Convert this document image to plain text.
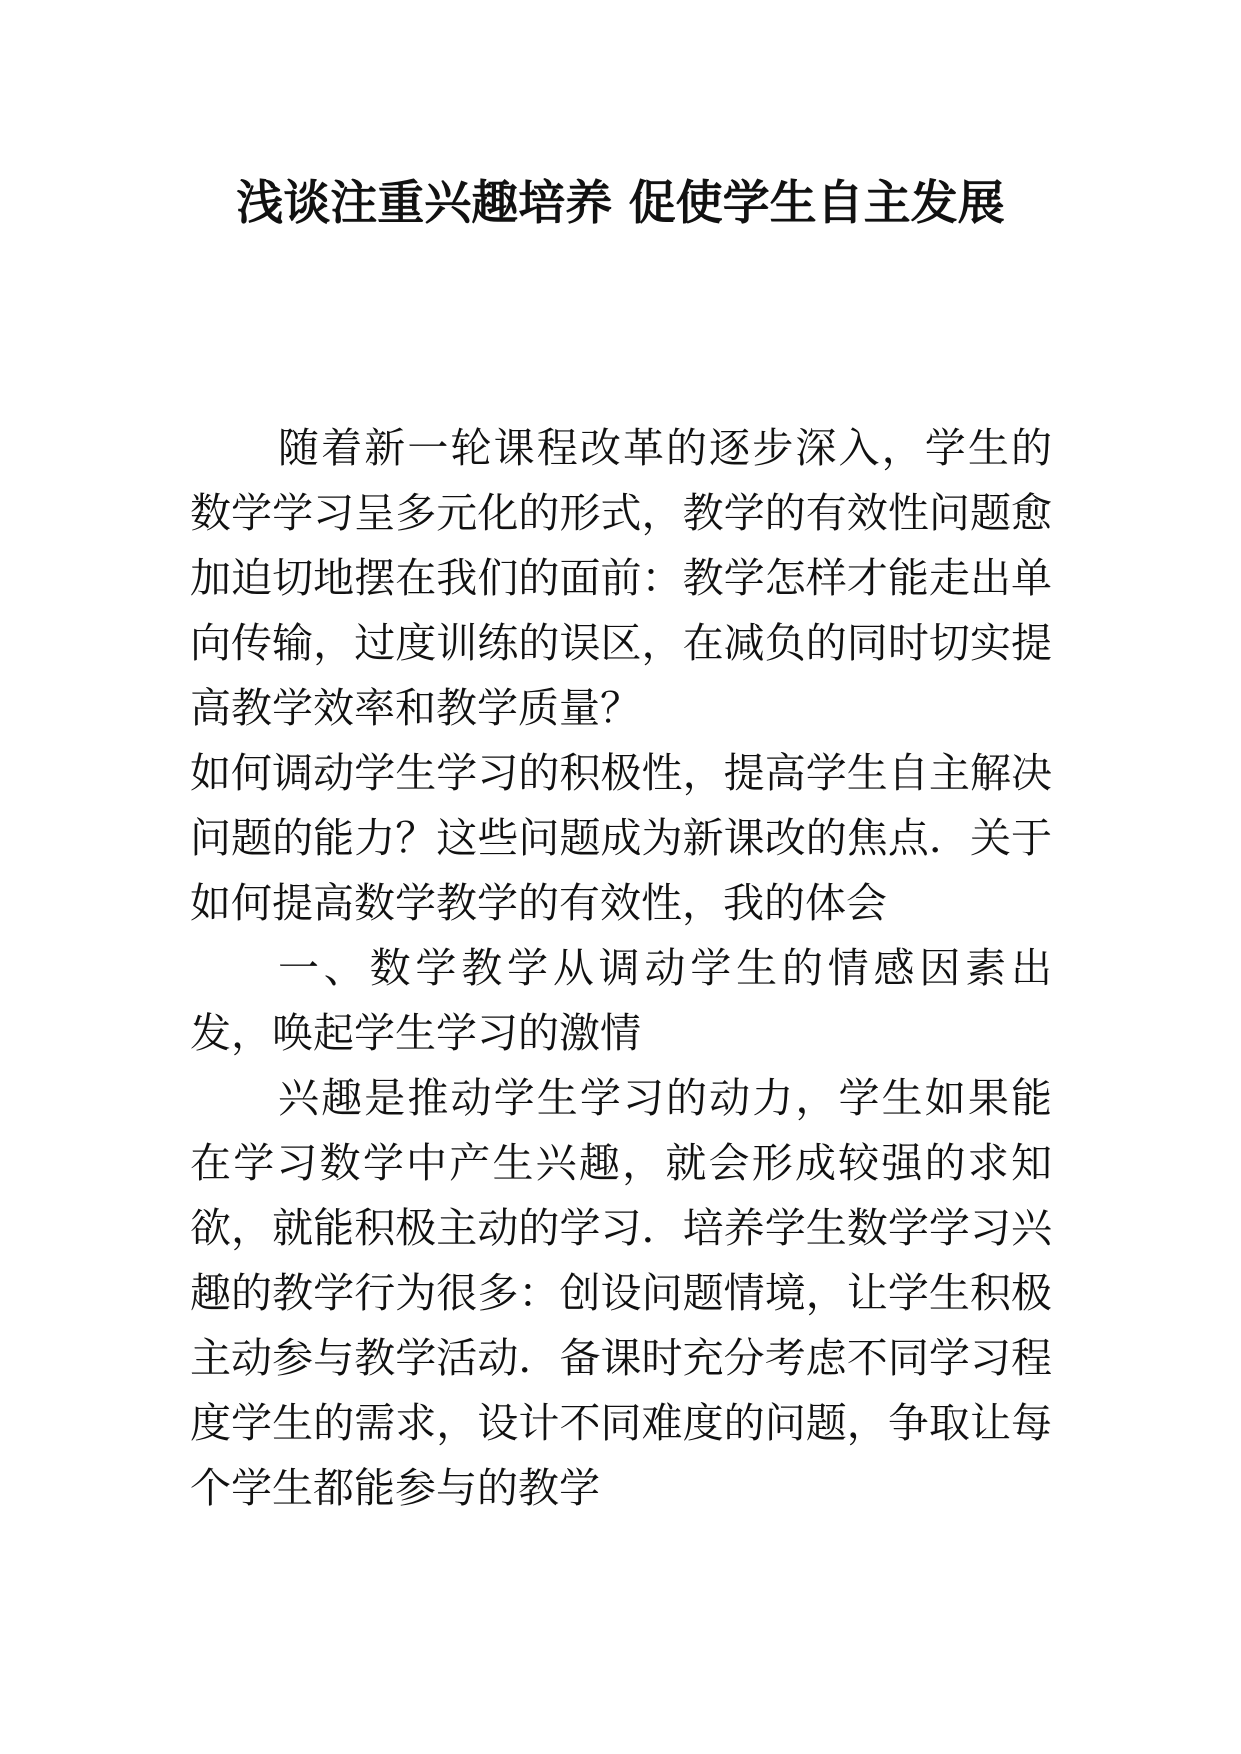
浅谈注重兴趣培养 促使学生自主发展

随着新一轮课程改革的逐步深入，学生的数学学习呈多元化的形式，教学的有效性问题愈加迫切地摆在我们的面前：教学怎样才能走出单向传输，过度训练的误区，在减负的同时切实提高教学效率和教学质量？

如何调动学生学习的积极性，提高学生自主解决问题的能力？这些问题成为新课改的焦点．关于如何提高数学教学的有效性，我的体会

一、数学教学从调动学生的情感因素出发，唤起学生学习的激情

兴趣是推动学生学习的动力，学生如果能在学习数学中产生兴趣，就会形成较强的求知欲，就能积极主动的学习．培养学生数学学习兴趣的教学行为很多：创设问题情境，让学生积极主动参与教学活动．备课时充分考虑不同学习程度学生的需求，设计不同难度的问题，争取让每个学生都能参与的教学
